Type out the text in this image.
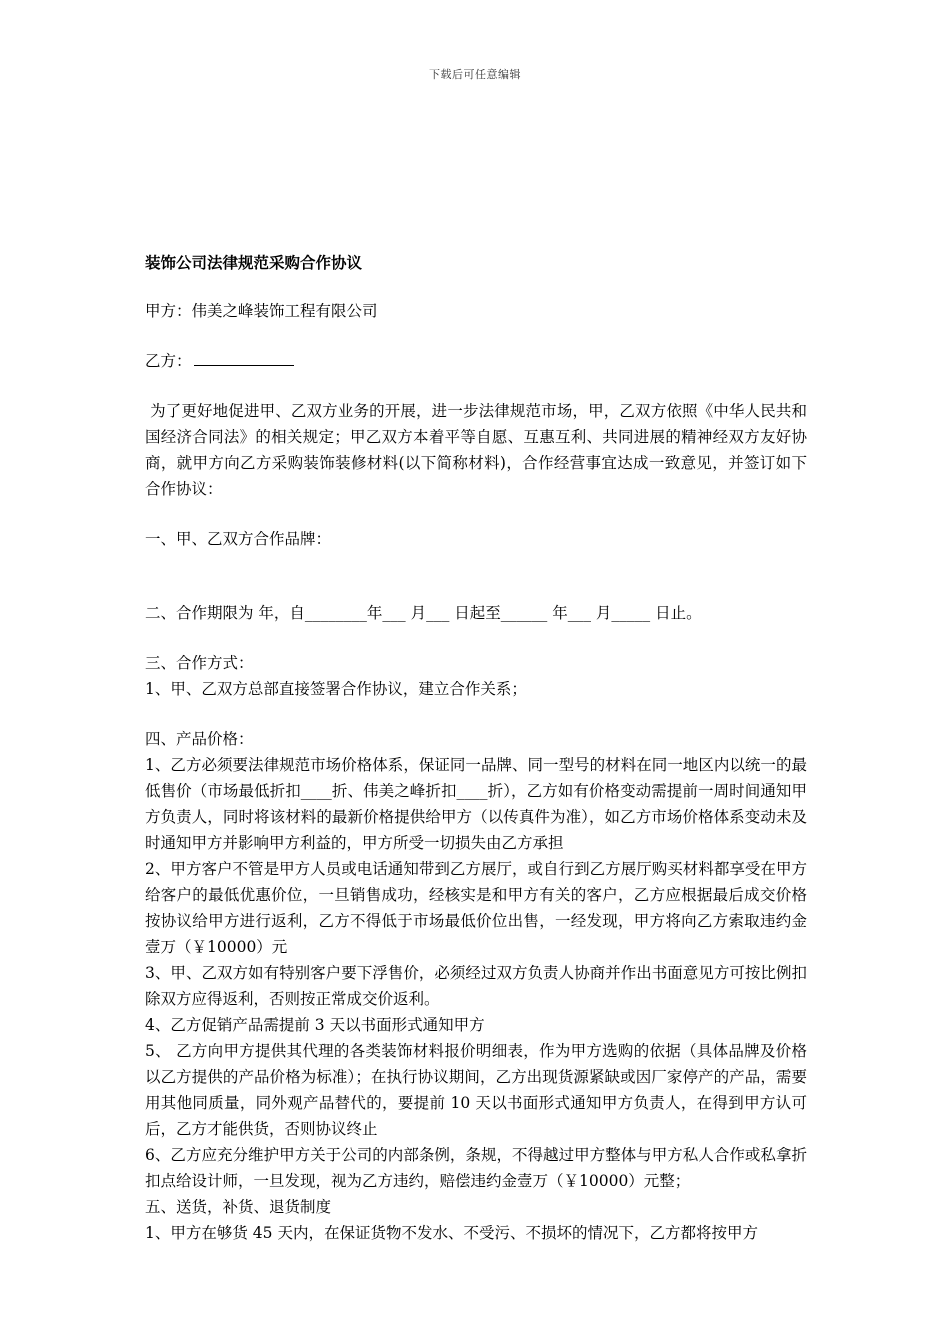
下载后可任意编辑

装饰公司法律规范采购合作协议

甲方：伟美之峰装饰工程有限公司

乙方：

为了更好地促进甲、乙双方业务的开展，进一步法律规范市场，甲，乙双方依照《中华人民共和国经济合同法》的相关规定；甲乙双方本着平等自愿、互惠互利、共同进展的精神经双方友好协商，就甲方向乙方采购装饰装修材料(以下简称材料)，合作经营事宜达成一致意见，并签订如下合作协议：

一、甲、乙双方合作品牌：

二、合作期限为 年，自________年___ 月___ 日起至______ 年___ 月_____ 日止。

三、合作方式：

1、甲、乙双方总部直接签署合作协议，建立合作关系；

四、产品价格：

1、乙方必须要法律规范市场价格体系，保证同一品牌、同一型号的材料在同一地区内以统一的最低售价（市场最低折扣____折、伟美之峰折扣____折），乙方如有价格变动需提前一周时间通知甲方负责人，同时将该材料的最新价格提供给甲方（以传真件为准），如乙方市场价格体系变动未及时通知甲方并影响甲方利益的，甲方所受一切损失由乙方承担

2、甲方客户不管是甲方人员或电话通知带到乙方展厅，或自行到乙方展厅购买材料都享受在甲方给客户的最低优惠价位，一旦销售成功，经核实是和甲方有关的客户，乙方应根据最后成交价格按协议给甲方进行返利，乙方不得低于市场最低价位出售，一经发现，甲方将向乙方索取违约金壹万（￥10000）元

3、甲、乙双方如有特别客户要下浮售价，必须经过双方负责人协商并作出书面意见方可按比例扣除双方应得返利，否则按正常成交价返利。

4、乙方促销产品需提前 3 天以书面形式通知甲方

5、 乙方向甲方提供其代理的各类装饰材料报价明细表，作为甲方选购的依据（具体品牌及价格以乙方提供的产品价格为标准）；在执行协议期间，乙方出现货源紧缺或因厂家停产的产品，需要用其他同质量，同外观产品替代的，要提前 10 天以书面形式通知甲方负责人，在得到甲方认可后，乙方才能供货，否则协议终止

6、乙方应充分维护甲方关于公司的内部条例，条规，不得越过甲方整体与甲方私人合作或私拿折扣点给设计师，一旦发现，视为乙方违约，赔偿违约金壹万（￥10000）元整；

五、送货，补货、退货制度

1、甲方在够货 45 天内，在保证货物不发水、不受污、不损坏的情况下，乙方都将按甲方
